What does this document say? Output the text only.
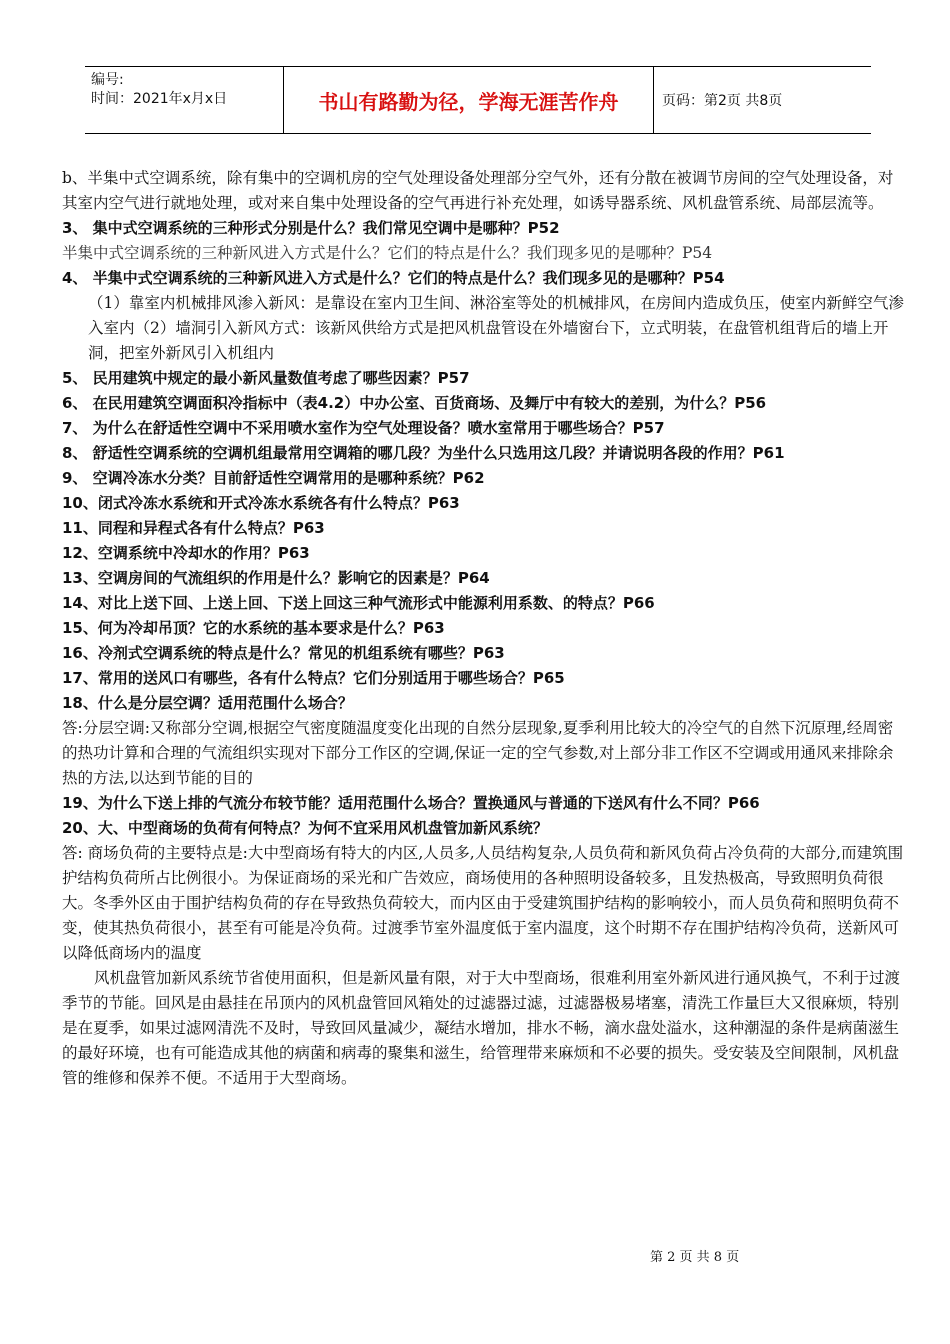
编号:
时间：2021年x月x日	书山有路勤为径，学海无涯苦作舟	页码：第2页 共8页

b、半集中式空调系统，除有集中的空调机房的空气处理设备处理部分空气外，还有分散在被调节房间的空气处理设备，对其室内空气进行就地处理，或对来自集中处理设备的空气再进行补充处理，如诱导器系统、风机盘管系统、局部层流等。

3、 集中式空调系统的三种形式分别是什么？我们常见空调中是哪种？P52

半集中式空调系统的三种新风进入方式是什么？它们的特点是什么？我们现多见的是哪种？P54

4、 半集中式空调系统的三种新风进入方式是什么？它们的特点是什么？我们现多见的是哪种？P54

（1）靠室内机械排风渗入新风：是靠设在室内卫生间、淋浴室等处的机械排风，在房间内造成负压，使室内新鲜空气渗入室内（2）墙洞引入新风方式：该新风供给方式是把风机盘管设在外墙窗台下，立式明装，在盘管机组背后的墙上开洞，把室外新风引入机组内

5、 民用建筑中规定的最小新风量数值考虑了哪些因素？P57

6、 在民用建筑空调面积冷指标中（表4.2）中办公室、百货商场、及舞厅中有较大的差别，为什么？P56

7、 为什么在舒适性空调中不采用喷水室作为空气处理设备？喷水室常用于哪些场合？P57

8、 舒适性空调系统的空调机组最常用空调箱的哪几段？为坐什么只选用这几段？并请说明各段的作用？P61

9、 空调冷冻水分类？目前舒适性空调常用的是哪种系统？P62

10、闭式冷冻水系统和开式冷冻水系统各有什么特点？P63

11、同程和异程式各有什么特点？P63

12、空调系统中冷却水的作用？P63

13、空调房间的气流组织的作用是什么？影响它的因素是？P64

14、对比上送下回、上送上回、下送上回这三种气流形式中能源利用系数、的特点？P66

15、何为冷却吊顶？它的水系统的基本要求是什么？P63

16、冷剂式空调系统的特点是什么？常见的机组系统有哪些？P63

17、常用的送风口有哪些，各有什么特点？它们分别适用于哪些场合？P65

18、什么是分层空调？适用范围什么场合？

答:分层空调:又称部分空调,根据空气密度随温度变化出现的自然分层现象,夏季利用比较大的冷空气的自然下沉原理,经周密的热功计算和合理的气流组织实现对下部分工作区的空调,保证一定的空气参数,对上部分非工作区不空调或用通风来排除余热的方法,以达到节能的目的

19、为什么下送上排的气流分布较节能？适用范围什么场合？置换通风与普通的下送风有什么不同？P66

20、大、中型商场的负荷有何特点？为何不宜采用风机盘管加新风系统？

答: 商场负荷的主要特点是:大中型商场有特大的内区,人员多,人员结构复杂,人员负荷和新风负荷占冷负荷的大部分,而建筑围护结构负荷所占比例很小。为保证商场的采光和广告效应，商场使用的各种照明设备较多，且发热极高，导致照明负荷很大。冬季外区由于围护结构负荷的存在导致热负荷较大，而内区由于受建筑围护结构的影响较小，而人员负荷和照明负荷不变，使其热负荷很小，甚至有可能是冷负荷。过渡季节室外温度低于室内温度，这个时期不存在围护结构冷负荷，送新风可以降低商场内的温度

风机盘管加新风系统节省使用面积，但是新风量有限，对于大中型商场，很难利用室外新风进行通风换气，不利于过渡季节的节能。回风是由悬挂在吊顶内的风机盘管回风箱处的过滤器过滤，过滤器极易堵塞，清洗工作量巨大又很麻烦，特别是在夏季，如果过滤网清洗不及时，导致回风量减少，凝结水增加，排水不畅，滴水盘处溢水，这种潮湿的条件是病菌滋生的最好环境，也有可能造成其他的病菌和病毒的聚集和滋生，给管理带来麻烦和不必要的损失。受安装及空间限制，风机盘管的维修和保养不便。不适用于大型商场。

第 2 页 共 8 页
